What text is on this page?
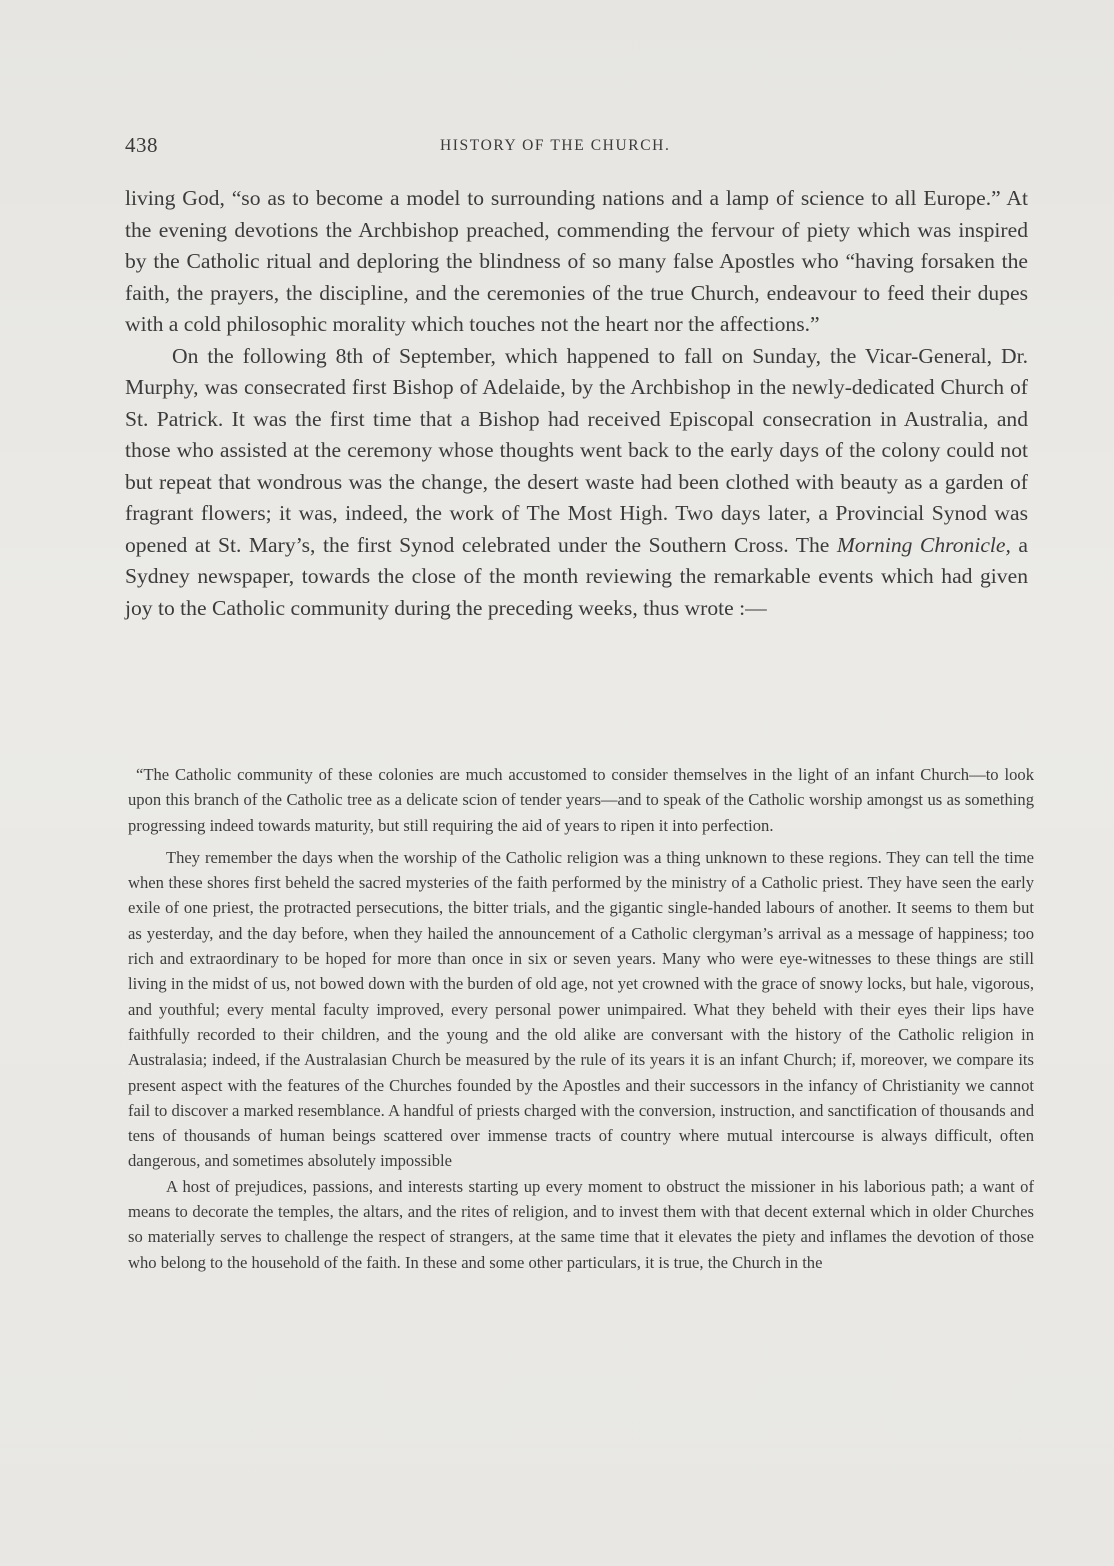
438	HISTORY OF THE CHURCH.

living God, “so as to become a model to surrounding nations and a lamp of science to all Europe.” At the evening devotions the Archbishop preached, commending the fervour of piety which was inspired by the Catholic ritual and deploring the blindness of so many false Apostles who “having forsaken the faith, the prayers, the discipline, and the ceremonies of the true Church, endeavour to feed their dupes with a cold philosophic morality which touches not the heart nor the affections.”

On the following 8th of September, which happened to fall on Sunday, the Vicar-General, Dr. Murphy, was consecrated first Bishop of Adelaide, by the Archbishop in the newly-dedicated Church of St. Patrick. It was the first time that a Bishop had received Episcopal consecration in Australia, and those who assisted at the ceremony whose thoughts went back to the early days of the colony could not but repeat that wondrous was the change, the desert waste had been clothed with beauty as a garden of fragrant flowers; it was, indeed, the work of The Most High. Two days later, a Provincial Synod was opened at St. Mary’s, the first Synod celebrated under the Southern Cross. The Morning Chronicle, a Sydney newspaper, towards the close of the month reviewing the remarkable events which had given joy to the Catholic community during the preceding weeks, thus wrote :—

“The Catholic community of these colonies are much accustomed to consider themselves in the light of an infant Church—to look upon this branch of the Catholic tree as a delicate scion of tender years—and to speak of the Catholic worship amongst us as something progressing indeed towards maturity, but still requiring the aid of years to ripen it into perfection.

They remember the days when the worship of the Catholic religion was a thing unknown to these regions. They can tell the time when these shores first beheld the sacred mysteries of the faith performed by the ministry of a Catholic priest. They have seen the early exile of one priest, the protracted persecutions, the bitter trials, and the gigantic single-handed labours of another. It seems to them but as yesterday, and the day before, when they hailed the announcement of a Catholic clergyman’s arrival as a message of happiness; too rich and extraordinary to be hoped for more than once in six or seven years. Many who were eye-witnesses to these things are still living in the midst of us, not bowed down with the burden of old age, not yet crowned with the grace of snowy locks, but hale, vigorous, and youthful; every mental faculty improved, every personal power unimpaired. What they beheld with their eyes their lips have faithfully recorded to their children, and the young and the old alike are conversant with the history of the Catholic religion in Australasia; indeed, if the Australasian Church be measured by the rule of its years it is an infant Church; if, moreover, we compare its present aspect with the features of the Churches founded by the Apostles and their successors in the infancy of Christianity we cannot fail to discover a marked resemblance. A handful of priests charged with the conversion, instruction, and sanctification of thousands and tens of thousands of human beings scattered over immense tracts of country where mutual intercourse is always difficult, often dangerous, and sometimes absolutely impossible

A host of prejudices, passions, and interests starting up every moment to obstruct the missioner in his laborious path; a want of means to decorate the temples, the altars, and the rites of religion, and to invest them with that decent external which in older Churches so materially serves to challenge the respect of strangers, at the same time that it elevates the piety and inflames the devotion of those who belong to the household of the faith. In these and some other particulars, it is true, the Church in the
